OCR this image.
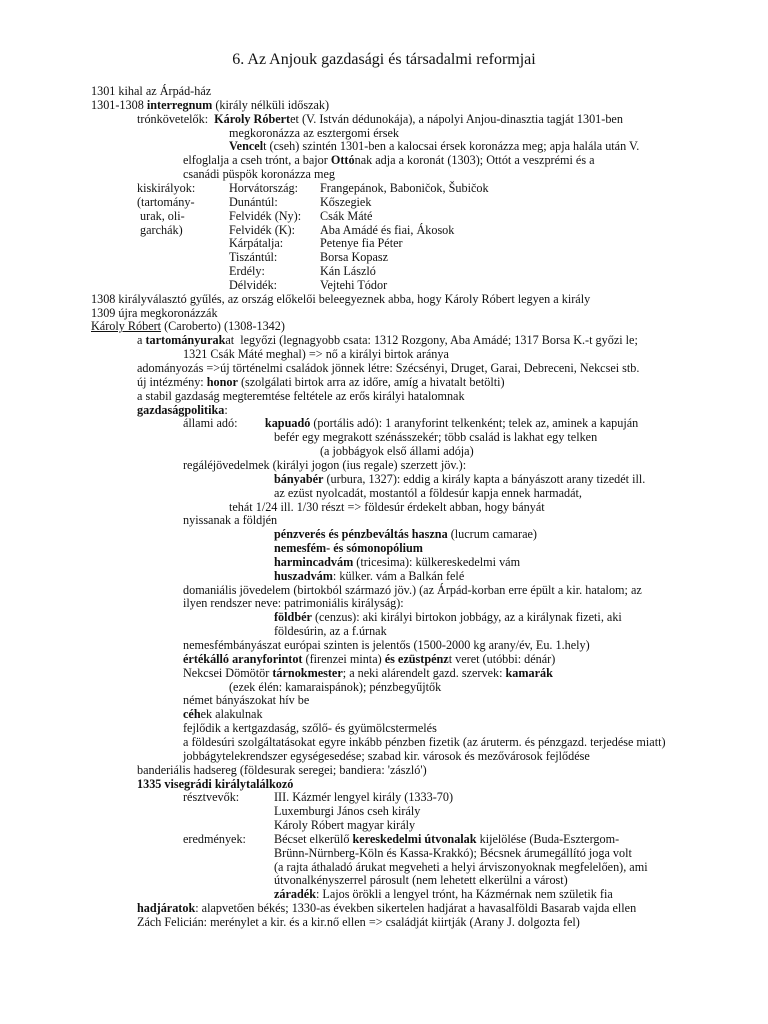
6. Az Anjouk gazdasági és társadalmi reformjai
1301 kihal az Árpád-ház
1301-1308 interregnum (király nélküli időszak)
trónkövetelők:  Károly Róbertet (V. István dédunokája), a nápolyi Anjou-dinasztia tagját 1301-ben
megkoronázza az esztergomi érsek
Vencelt (cseh) szintén 1301-ben a kalocsai érsek koronázza meg; apja halála után V.
elfoglalja a cseh trónt, a bajor Ottónak adja a koronát (1303); Ottót a veszprémi és a
csanádi püspök koronázza meg
kiskirályok:	Horvátország: Frangepánok, Baboničok, Šubičok
(tartomány-	Dunántúl:	Kőszegiek
urak, oli-	Felvidék (Ny): Csák Máté
garchák)	Felvidék (K): Aba Amádé és fiai, Ákosok
Kárpátalja:	Petenye fia Péter
Tiszántúl:	Borsa Kopasz
Erdély:	Kán László
Délvidék:	Vejtehi Tódor
1308 királyválasztó gyűlés, az ország előkelői beleegyeznek abba, hogy Károly Róbert legyen a király
1309 újra megkoronázzák
Károly Róbert (Caroberto) (1308-1342)
a tartományurakat  legyőzi (legnagyobb csata: 1312 Rozgony, Aba Amádé; 1317 Borsa K.-t győzi le;
1321 Csák Máté meghal) => nő a királyi birtok aránya
adományozás =>új történelmi családok jönnek létre: Szécsényi, Druget, Garai, Debreceni, Nekcsei stb.
új intézmény: honor (szolgálati birtok arra az időre, amíg a hivatalt betölti)
a stabil gazdaság megteremtése feltétele az erős királyi hatalomnak
gazdaságpolitika:
állami adó:         kapuadó (portális adó): 1 aranyforint telkenként; telek az, aminek a kapuján
befér egy megrakott szénásszekér; több család is lakhat egy telken
(a jobbágyok első állami adója)
regáléjövedelmek (királyi jogon (ius regale) szerzett jöv.):
bányabér (urbura, 1327): eddig a király kapta a bányászott arany tizedét ill.
az ezüst nyolcadát, mostantól a földesúr kapja ennek harmadát,
tehát 1/24 ill. 1/30 részt => földesúr érdekelt abban, hogy bányát
nyissanak a földjén
pénzverés és pénzbeváltás haszna (lucrum camarae)
nemesfém- és sómonopólium
harmincadvám (tricesima): külkereskedelmi vám
huszadvám: külker. vám a Balkán felé
domaniális jövedelem (birtokból származó jöv.) (az Árpád-korban erre épült a kir. hatalom; az
ilyen rendszer neve: patrimoniális királyság):
földbér (cenzus): aki királyi birtokon jobbágy, az a királynak fizeti, aki
földesúrin, az a f.úrnak
nemesfémbányászat európai szinten is jelentős (1500-2000 kg arany/év, Eu. 1.hely)
értékálló aranyforintot (firenzei minta) és ezüstpénzt veret (utóbbi: dénár)
Nekcsei Dömötör tárnokmester; a neki alárendelt gazd. szervek: kamarák
(ezek élén: kamaraispánok); pénzbegyűjtők
német bányászokat hív be
céhek alakulnak
fejlődik a kertgazdaság, szőlő- és gyümölcstermelés
a földesúri szolgáltatásokat egyre inkább pénzben fizetik (az áruterm. és pénzgazd. terjedése miatt)
jobbágytelekrendszer egységesedése; szabad kir. városok és mezővárosok fejlődése
banderiális hadsereg (földesurak seregei; bandiera: 'zászló')
1335 visegrádi királytalálkozó
résztvevők:	III. Kázmér lengyel király (1333-70)
Luxemburgi János cseh király
Károly Róbert magyar király
eredmények: Bécset elkerülő kereskedelmi útvonalak kijelölése (Buda-Esztergom-
Brünn-Nürnberg-Köln és Kassa-Krakkó); Bécsnek árumegállító joga volt
(a rajta áthaladó árukat megveheti a helyi árviszonyoknak megfelelően), ami
útvonalkényszerrel párosult (nem lehetett elkerülni a várost)
záradék: Lajos örökli a lengyel trónt, ha Kázmérnak nem születik fia
hadjáratok: alapvetően békés; 1330-as években sikertelen hadjárat a havasalföldi Basarab vajda ellen
Zách Felicián: merénylet a kir. és a kir.nő ellen => családját kiirtják (Arany J. dolgozta fel)
